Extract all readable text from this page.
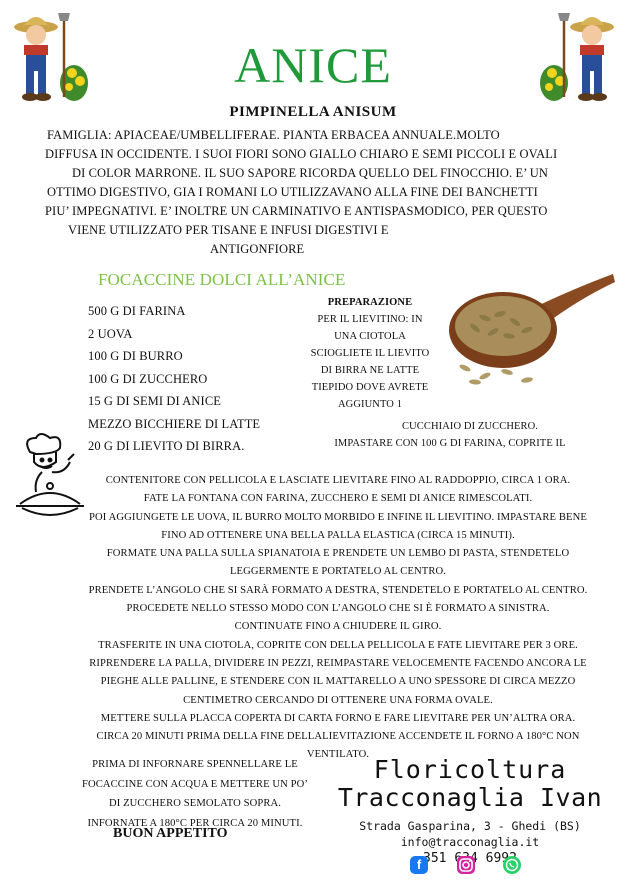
ANICE
PIMPINELLA ANISUM
FAMIGLIA: APIACEAE/UMBELLIFERAE. PIANTA ERBACEA ANNUALE.MOLTO
DIFFUSA IN OCCIDENTE. I SUOI FIORI SONO GIALLO CHIARO E SEMI PICCOLI E OVALI
DI COLOR MARRONE. IL SUO SAPORE RICORDA QUELLO DEL FINOCCHIO. E’ UN
OTTIMO DIGESTIVO, GIA I ROMANI LO UTILIZZAVANO ALLA FINE DEI BANCHETTI
PIU’ IMPEGNATIVI. E’ INOLTRE UN CARMINATIVO E ANTISPASMODICO, PER QUESTO
VIENE UTILIZZATO PER TISANE E INFUSI DIGESTIVI E
ANTIGONFIORE
FOCACCINE DOLCI ALL’ANICE
500 G DI FARINA
2 UOVA
100 G DI BURRO
100 G DI ZUCCHERO
15 G DI SEMI DI ANICE
MEZZO BICCHIERE DI LATTE
20 G DI LIEVITO DI BIRRA.
PREPARAZIONE
PER IL LIEVITINO: IN
UNA CIOTOLA
SCIOGLIETE IL LIEVITO
DI BIRRA NE LATTE
TIEPIDO DOVE AVRETE
AGGIUNTO 1
CUCCHIAIO DI ZUCCHERO.
IMPASTARE CON 100 G DI FARINA, COPRITE IL
CONTENITORE CON PELLICOLA E LASCIATE LIEVITARE FINO AL RADDOPPIO, CIRCA 1 ORA.
FATE LA FONTANA CON FARINA, ZUCCHERO E SEMI DI ANICE RIMESCOLATI.
POI AGGIUNGETE LE UOVA, IL BURRO MOLTO MORBIDO E INFINE IL LIEVITINO. IMPASTARE BENE
FINO AD OTTENERE UNA BELLA PALLA ELASTICA (CIRCA 15 MINUTI).
FORMATE UNA PALLA SULLA SPIANATOIA E PRENDETE UN LEMBO DI PASTA, STENDETELO
LEGGERMENTE E PORTATELO AL CENTRO.
PRENDETE L’ANGOLO CHE SI SARÀ FORMATO A DESTRA, STENDETELO E PORTATELO AL CENTRO.
PROCEDETE NELLO STESSO MODO CON L’ANGOLO CHE SI È FORMATO A SINISTRA.
CONTINUATE FINO A CHIUDERE IL GIRO.
TRASFERITE IN UNA CIOTOLA, COPRITE CON DELLA PELLICOLA E FATE LIEVITARE PER 3 ORE.
RIPRENDERE LA PALLA, DIVIDERE IN PEZZI, REIMPASTARE VELOCEMENTE FACENDO ANCORA LE
PIEGHE ALLE PALLINE, E STENDERE CON IL MATTARELLO A UNO SPESSORE DI CIRCA MEZZO
CENTIMETRO CERCANDO DI OTTENERE UNA FORMA OVALE.
METTERE SULLA PLACCA COPERTA DI CARTA FORNO E FARE LIEVITARE PER UN’ALTRA ORA.
CIRCA 20 MINUTI PRIMA DELLA FINE DELLALIEVITAZIONE ACCENDETE IL FORNO A 180°C NON
VENTILATO.
PRIMA DI INFORNARE SPENNELLARE LE
FOCACCINE CON ACQUA E METTERE UN PO’
DI ZUCCHERO SEMOLATO SOPRA.
INFORNATE A 180°C PER CIRCA 20 MINUTI.
BUON APPETITO
Floricoltura
Tracconaglia Ivan
Strada Gasparina, 3 - Ghedi (BS)
info@tracconaglia.it
351 6992
f
